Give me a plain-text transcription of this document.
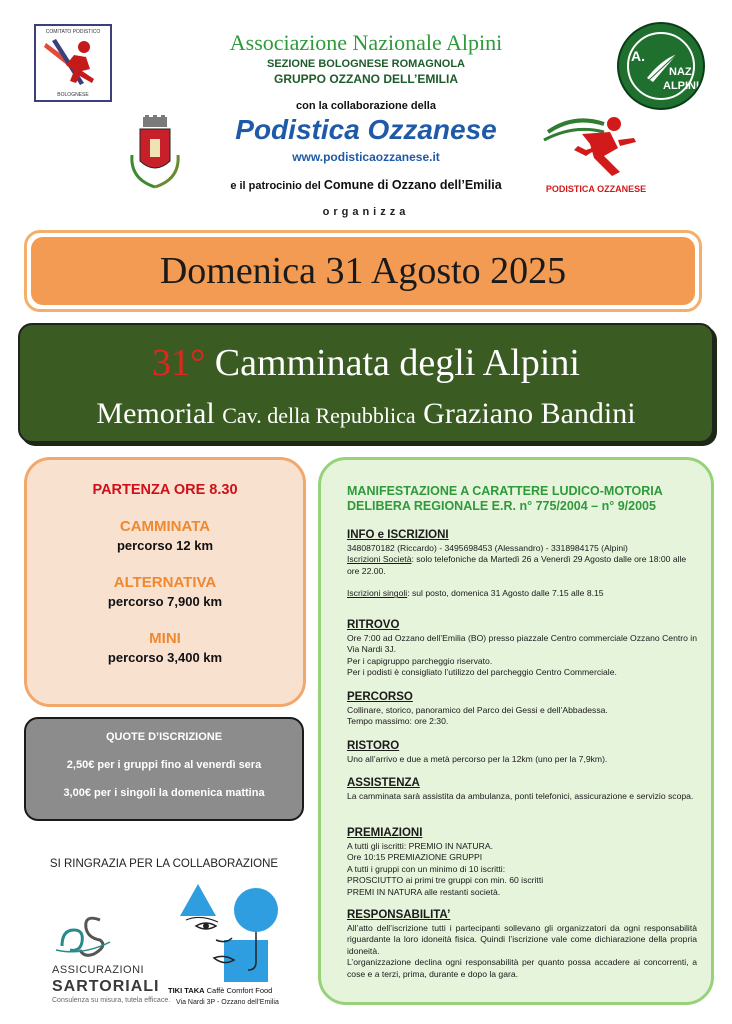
COMITATO PODISTICO
BOLOGNESE
A.
NAZ.
ALPINI
PODISTICA OZZANESE
Associazione Nazionale Alpini
SEZIONE BOLOGNESE ROMAGNOLA
GRUPPO OZZANO DELL’EMILIA
con la collaborazione della
Podistica Ozzanese
www.podisticaozzanese.it
e il patrocinio del Comune di Ozzano dell’Emilia
organizza
Domenica 31 Agosto 2025
31° Camminata degli Alpini
Memorial Cav. della Repubblica Graziano Bandini
PARTENZA ORE 8.30
CAMMINATA
percorso 12 km
ALTERNATIVA
percorso 7,900 km
MINI
percorso 3,400 km
QUOTE D’ISCRIZIONE
2,50€ per i gruppi fino al venerdì sera
3,00€ per i singoli la domenica mattina
SI RINGRAZIA PER LA COLLABORAZIONE
ASSICURAZIONI
SARTORIALI
Consulenza su misura, tutela efficace.
TIKI TAKA Caffè Comfort Food
Via Nardi 3P - Ozzano dell’Emilia
MANIFESTAZIONE A CARATTERE LUDICO-MOTORIA
DELIBERA REGIONALE E.R. n° 775/2004 – n° 9/2005
INFO e ISCRIZIONI
3480870182 (Riccardo) - 3495698453 (Alessandro) - 3318984175 (Alpini)
Iscrizioni Società: solo telefoniche da Martedì 26 a Venerdì 29 Agosto dalle ore 18:00 alle ore 22.00.
Iscrizioni singoli: sul posto, domenica 31 Agosto dalle 7.15 alle 8.15
RITROVO
Ore 7:00 ad Ozzano dell’Emilia (BO) presso piazzale Centro commerciale Ozzano Centro in Via Nardi 3J.
Per i capigruppo parcheggio riservato.
Per i podisti è consigliato l’utilizzo del parcheggio Centro Commerciale.
PERCORSO
Collinare, storico, panoramico del Parco dei Gessi e dell’Abbadessa.
Tempo massimo: ore 2:30.
RISTORO
Uno all’arrivo e due a metà percorso per la 12km (uno per la 7,9km).
ASSISTENZA
La camminata sarà assistita da ambulanza, ponti telefonici, assicurazione e servizio scopa.
PREMIAZIONI
A tutti gli iscritti: PREMIO IN NATURA.
Ore 10:15 PREMIAZIONE GRUPPI
A tutti i gruppi con un minimo di 10 iscritti:
PROSCIUTTO ai primi tre gruppi con min. 60 iscritti
PREMI IN NATURA alle restanti società.
RESPONSABILITA’
All’atto dell’iscrizione tutti i partecipanti sollevano gli organizzatori da ogni responsabilità riguardante la loro idoneità fisica. Quindi l’iscrizione vale come dichiarazione della propria idoneità.
L’organizzazione declina ogni responsabilità per quanto possa accadere ai concorrenti, a cose e a terzi, prima, durante e dopo la gara.
